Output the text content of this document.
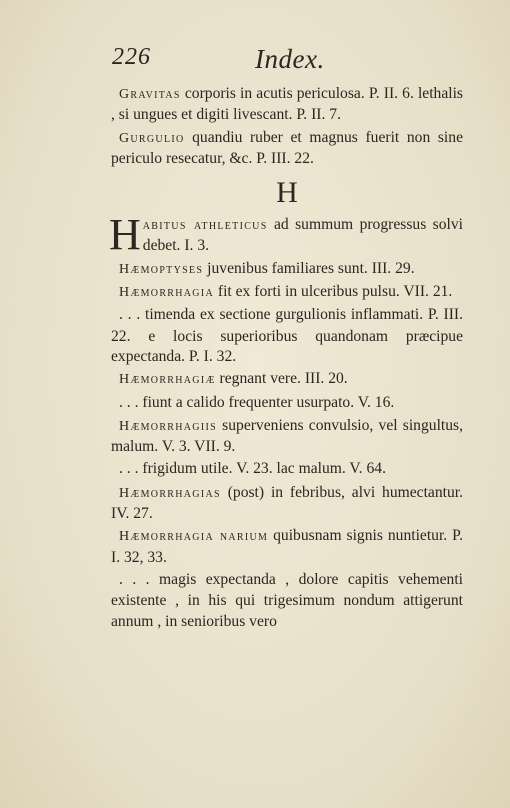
226	Index.

Gravitas corporis in acutis periculosa. P. II. 6. lethalis , si ungues et digiti livescant. P. II. 7.

Gurgulio quandiu ruber et magnus fuerit non sine periculo resecatur, &c. P. III. 22.

H

Habitus athleticus ad summum progressus solvi debet. I. 3.

Hæmoptyses juvenibus familiares sunt. III. 29.

Hæmorrhagia fit ex forti in ulceribus pulsu. VII. 21.

. . . timenda ex sectione gurgulionis inflammati. P. III. 22. e locis superioribus quandonam præcipue expectanda. P. I. 32.

Hæmorrhagiæ regnant vere. III. 20.

. . . fiunt a calido frequenter usurpato. V. 16.

Hæmorrhagiis superveniens convulsio, vel singultus, malum. V. 3. VII. 9.

. . . frigidum utile. V. 23. lac malum. V. 64.

Hæmorrhagias (post) in febribus, alvi humectantur. IV. 27.

Hæmorrhagia narium quibusnam signis nuntietur. P. I. 32, 33.

. . . magis expectanda , dolore capitis vehementi existente , in his qui trigesimum nondum attigerunt annum , in senioribus vero
